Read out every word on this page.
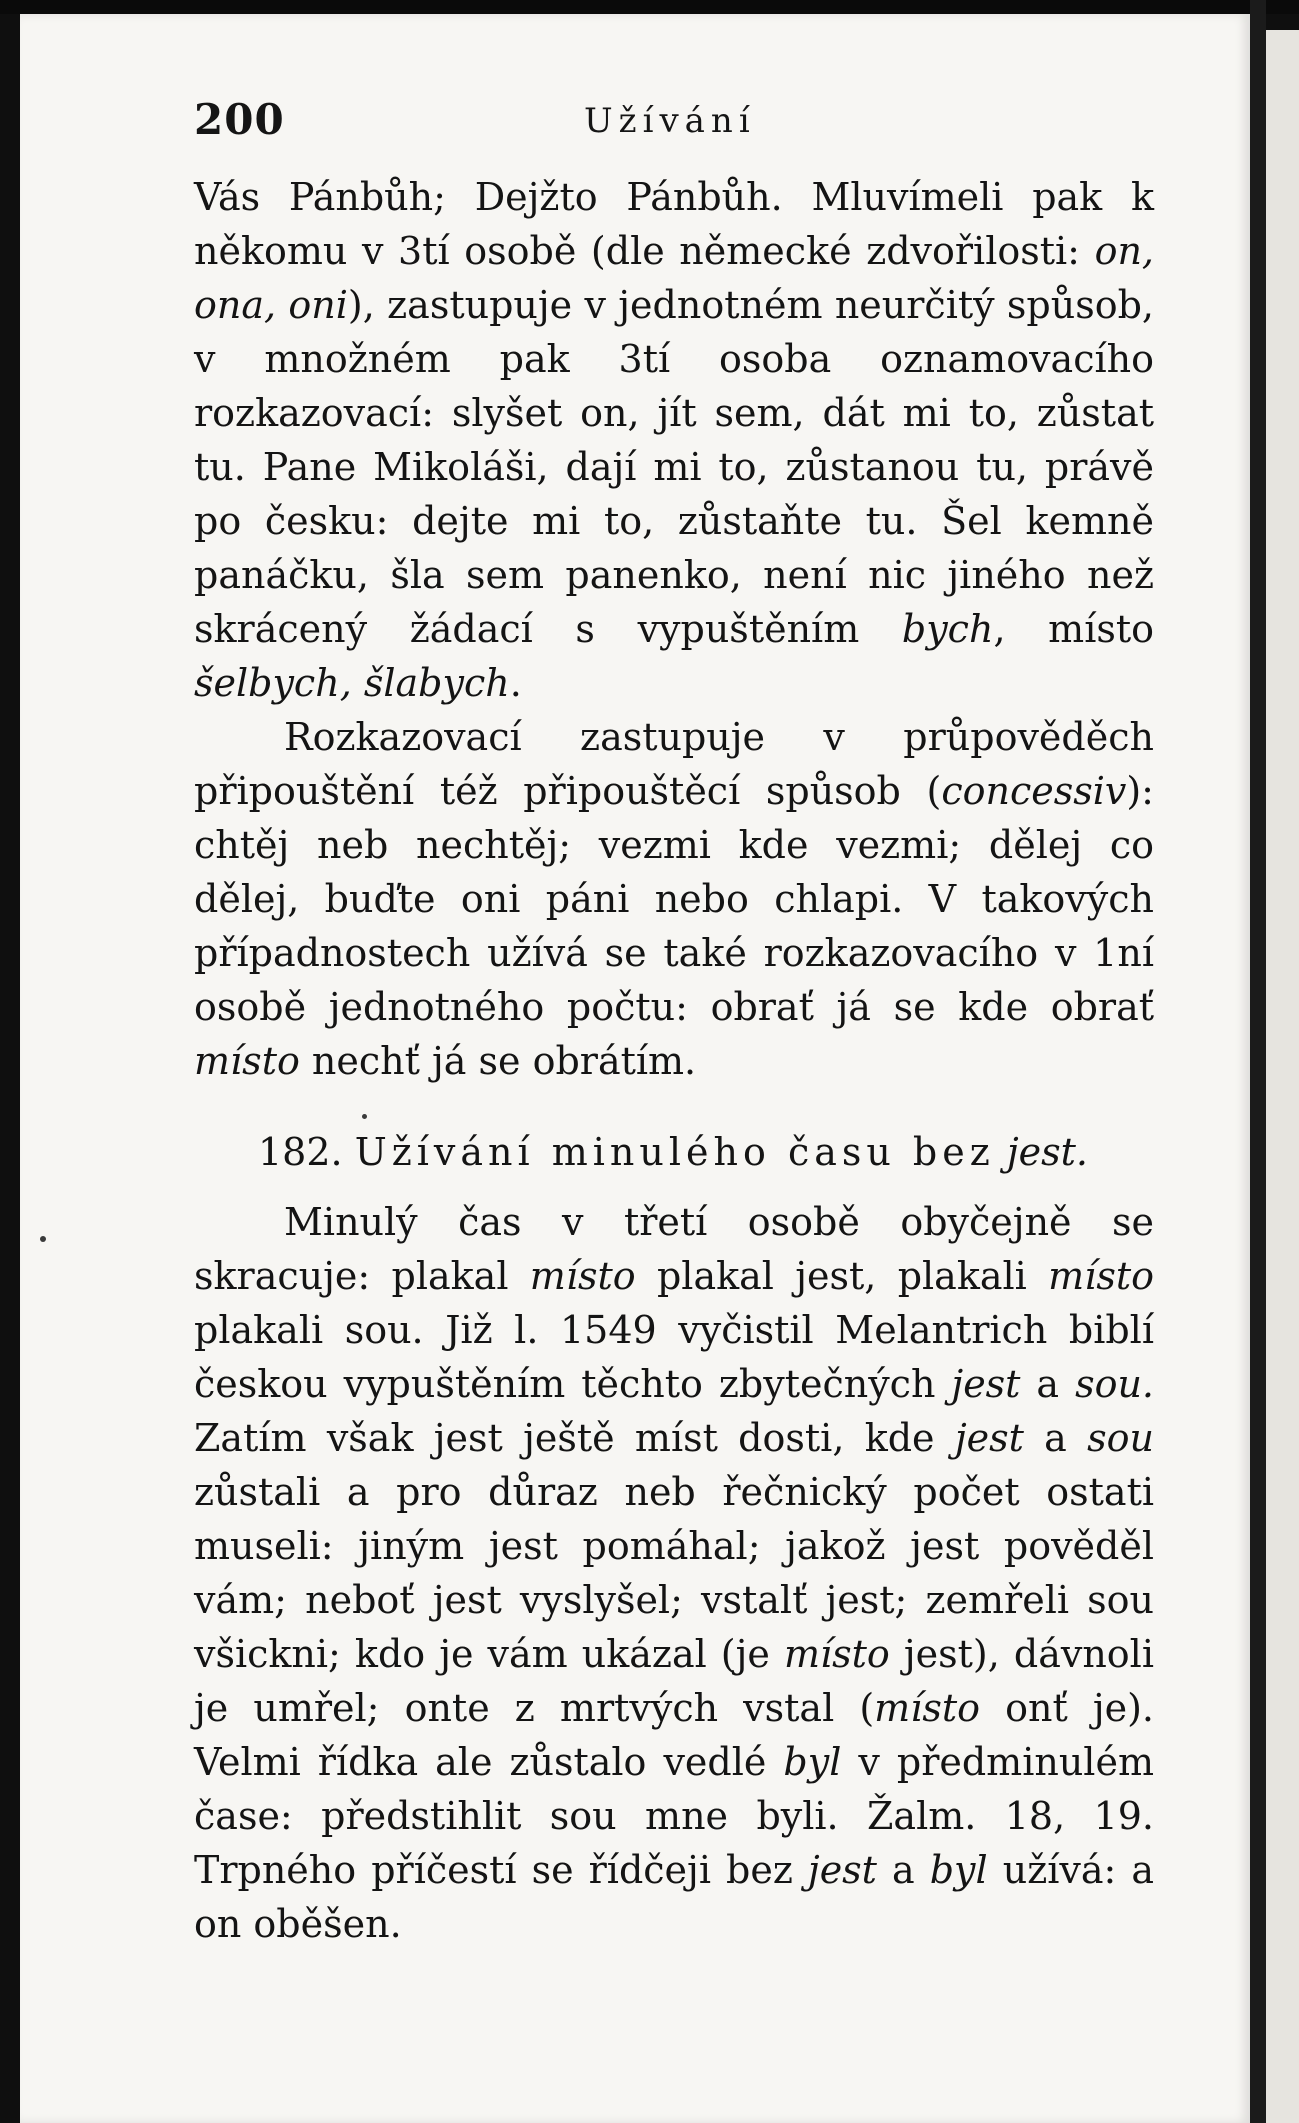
200	Užívání
Vás Pánbůh; Dejžto Pánbůh. Mluvímeli pak k někomu v 3tí osobě (dle německé zdvořilosti: on, ona, oni), zastupuje v jednotném neurčitý spůsob, v množném pak 3tí osoba oznamovacího rozkazovací: slyšet on, jít sem, dát mi to, zůstat tu. Pane Mikoláši, dají mi to, zůstanou tu, právě po česku: dejte mi to, zůstaňte tu. Šel kemně panáčku, šla sem panenko, není nic jiného než skrácený žádací s vypuštěním bych, místo šelbych, šlabych.
Rozkazovací zastupuje v průpověděch připouštění též připouštěcí spůsob (concessiv): chtěj neb nechtěj; vezmi kde vezmi; dělej co dělej, buďte oni páni nebo chlapi. V takových případnostech užívá se také rozkazovacího v 1ní osobě jednotného počtu: obrať já se kde obrať místo nechť já se obrátím.
182. Užívání minulého času bez jest.
Minulý čas v třetí osobě obyčejně se skracuje: plakal místo plakal jest, plakali místo plakali sou. Již l. 1549 vyčistil Melantrich biblí českou vypuštěním těchto zbytečných jest a sou. Zatím však jest ještě míst dosti, kde jest a sou zůstali a pro důraz neb řečnický počet ostati museli: jiným jest pomáhal; jakož jest pověděl vám; neboť jest vyslyšel; vstalť jest; zemřeli sou všickni; kdo je vám ukázal (je místo jest), dávnoli je umřel; onte z mrtvých vstal (místo onť je). Velmi řídka ale zůstalo vedlé byl v předminulém čase: předstihlit sou mne byli. Žalm. 18, 19. Trpného příčestí se řídčeji bez jest a byl užívá: a on oběšen.
